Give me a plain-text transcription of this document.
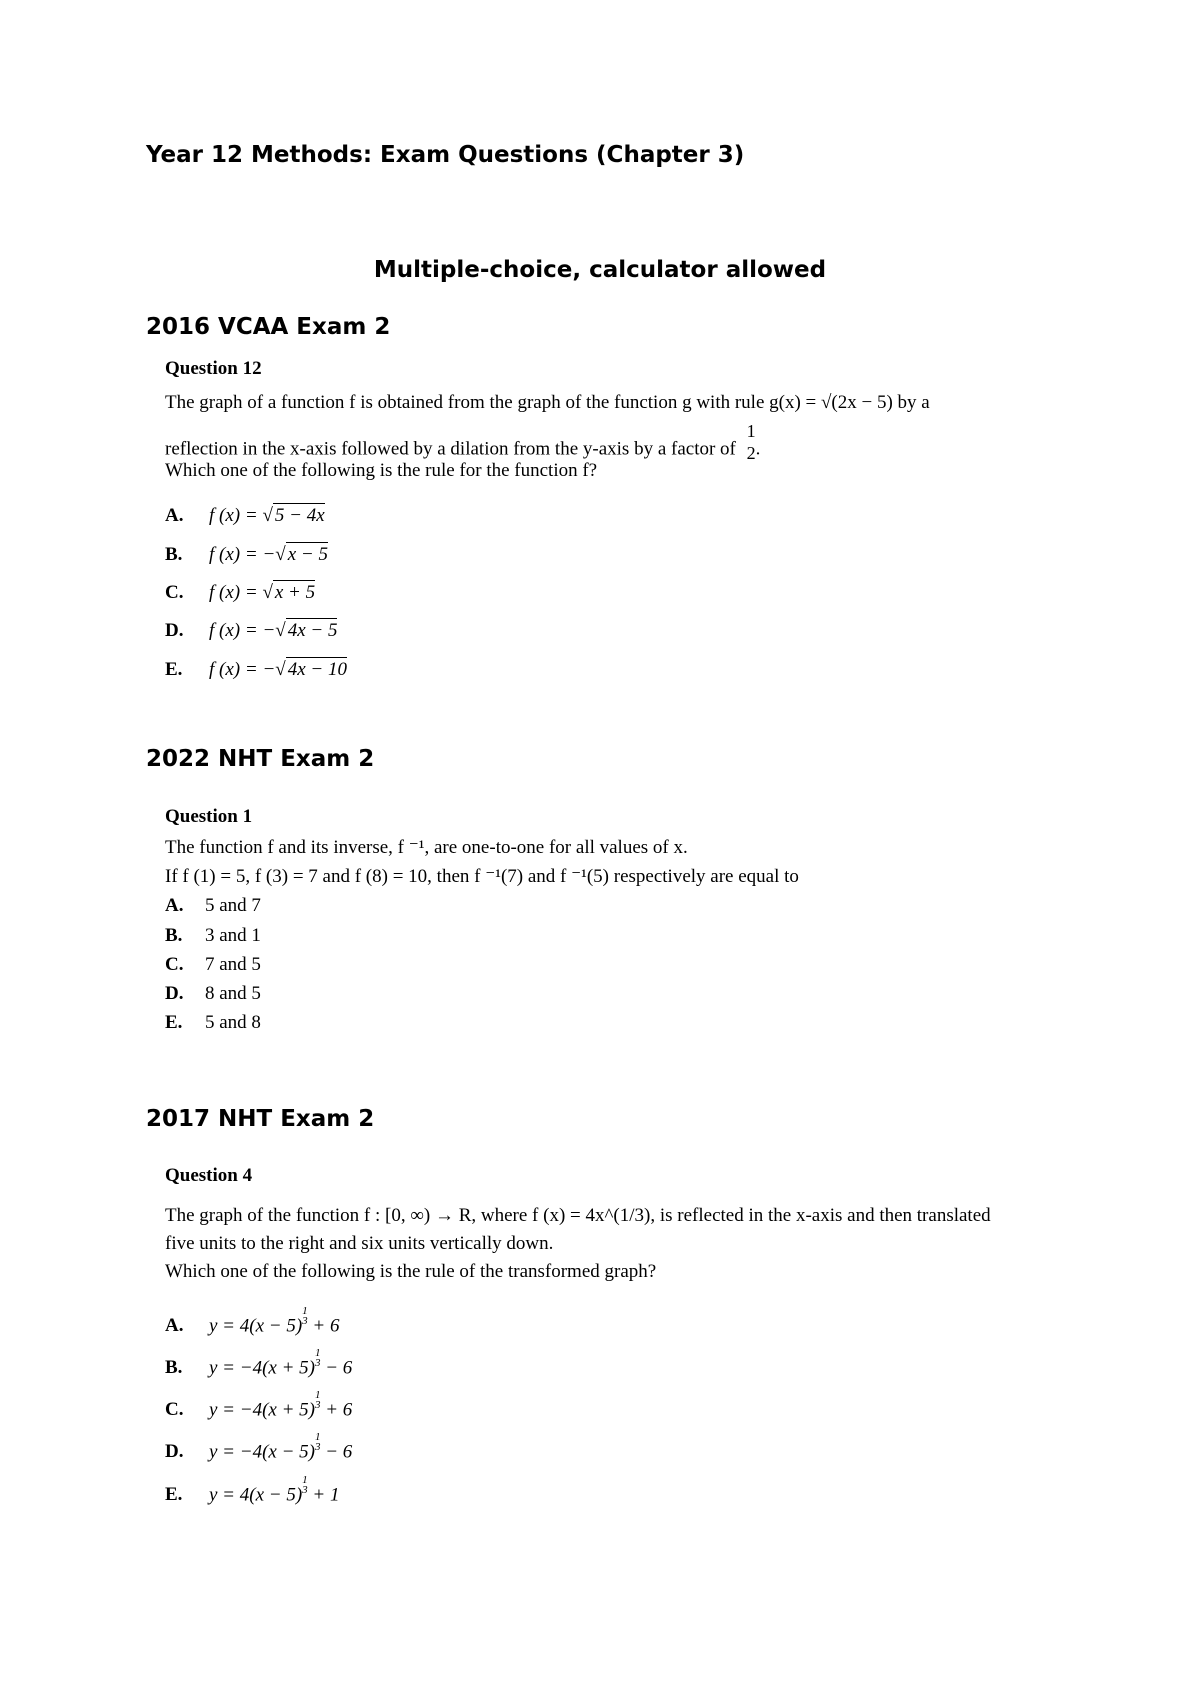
Year 12 Methods: Exam Questions (Chapter 3)
Multiple-choice, calculator allowed
2016 VCAA Exam 2
Question 12
The graph of a function f is obtained from the graph of the function g with rule g(x) = √(2x − 5) by a
reflection in the x-axis followed by a dilation from the y-axis by a factor of
1
2 .
Which one of the following is the rule for the function f?
A. f (x) = √ 5 − 4x
B. f (x) = −√ x − 5
C. f (x) = √ x + 5
D. f (x) = −√ 4x − 5
E. f (x) = −√ 4x − 10
2022 NHT Exam 2
Question 1
The function f and its inverse, f ⁻¹, are one-to-one for all values of x.
If f (1) = 5, f (3) = 7 and f (8) = 10, then f ⁻¹(7) and f ⁻¹(5) respectively are equal to
A. 5 and 7
B. 3 and 1
C. 7 and 5
D. 8 and 5
E. 5 and 8
2017 NHT Exam 2
Question 4
The graph of the function f : [0, ∞) → R, where f (x) = 4x^(1/3), is reflected in the x-axis and then translated
five units to the right and six units vertically down.
Which one of the following is the rule of the transformed graph?
A. y = 4(x − 5)
1
3 + 6
B. y = −4(x + 5)
1
3 − 6
C. y = −4(x + 5)
1
3 + 6
D. y = −4(x − 5)
1
3 − 6
E. y = 4(x − 5)
1
3 + 1
